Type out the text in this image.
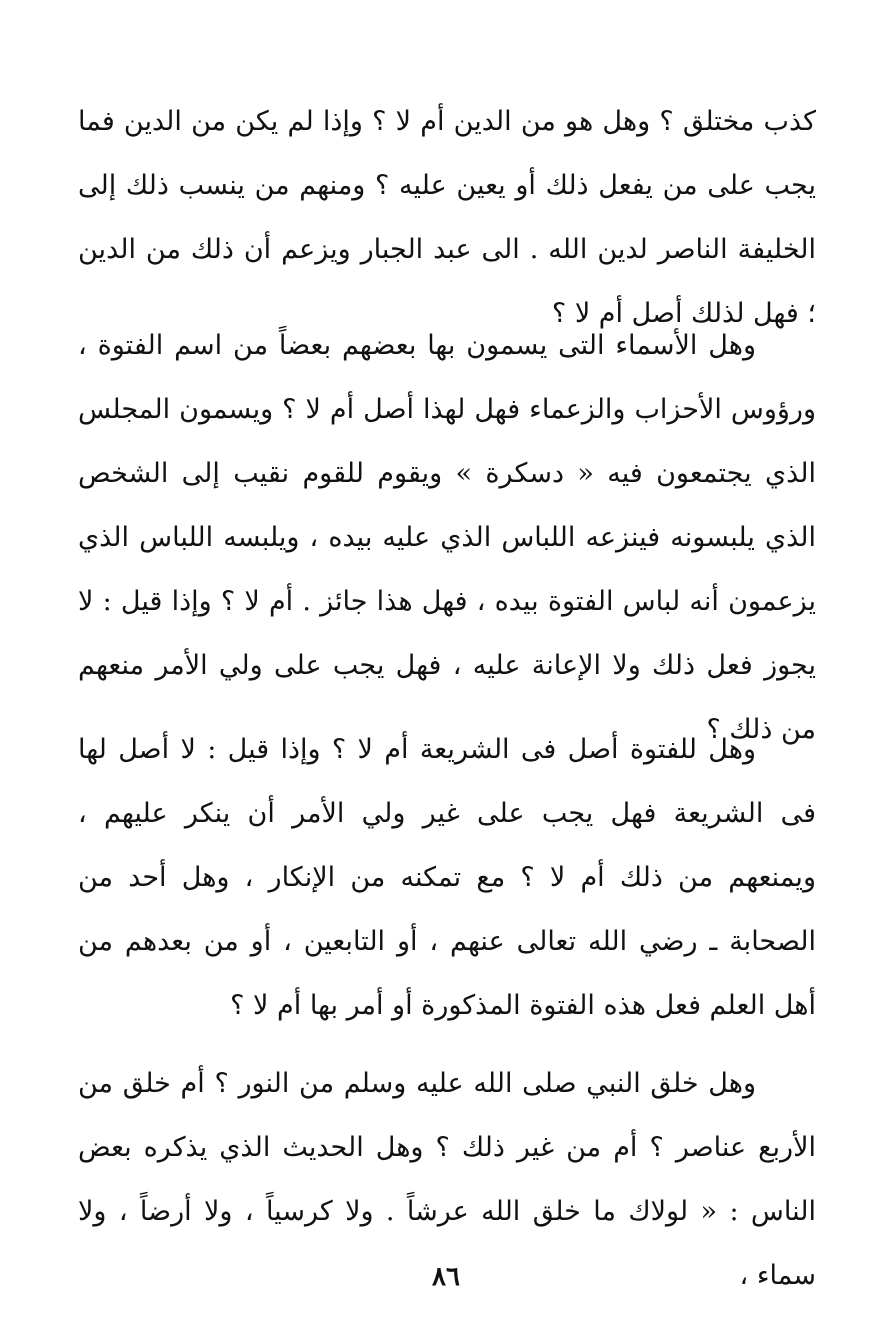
كذب مختلق ؟ وهل هو من الدين أم لا ؟ وإذا لم يكن من الدين فما يجب على من يفعل ذلك أو يعين عليه ؟ ومنهم من ينسب ذلك إلى الخليفة الناصر لدين الله . الى عبد الجبار ويزعم أن ذلك من الدين ؛ فهل لذلك أصل أم لا ؟

وهل الأسماء التى يسمون بها بعضهم بعضاً من اسم الفتوة ، ورؤوس الأحزاب والزعماء فهل لهذا أصل أم لا ؟ ويسمون المجلس الذي يجتمعون فيه « دسكرة » ويقوم للقوم نقيب إلى الشخص الذي يلبسونه فينزعه اللباس الذي عليه بيده ، ويلبسه اللباس الذي يزعمون أنه لباس الفتوة بيده ، فهل هذا جائز . أم لا ؟ وإذا قيل : لا يجوز فعل ذلك ولا الإعانة عليه ، فهل يجب على ولي الأمر منعهم من ذلك ؟

وهل للفتوة أصل فى الشريعة أم لا ؟ وإذا قيل : لا أصل لها فى الشريعة فهل يجب على غير ولي الأمر أن ينكر عليهم ، ويمنعهم من ذلك أم لا ؟ مع تمكنه من الإنكار ، وهل أحد من الصحابة ـ رضي الله تعالى عنهم ، أو التابعين ، أو من بعدهم من أهل العلم فعل هذه الفتوة المذكورة أو أمر بها أم لا ؟

وهل خلق النبي صلى الله عليه وسلم من النور ؟ أم خلق من الأربع عناصر ؟ أم من غير ذلك ؟ وهل الحديث الذي يذكره بعض الناس : « لولاك ما خلق الله عرشاً . ولا كرسياً ، ولا أرضاً ، ولا سماء ،

٨٦
